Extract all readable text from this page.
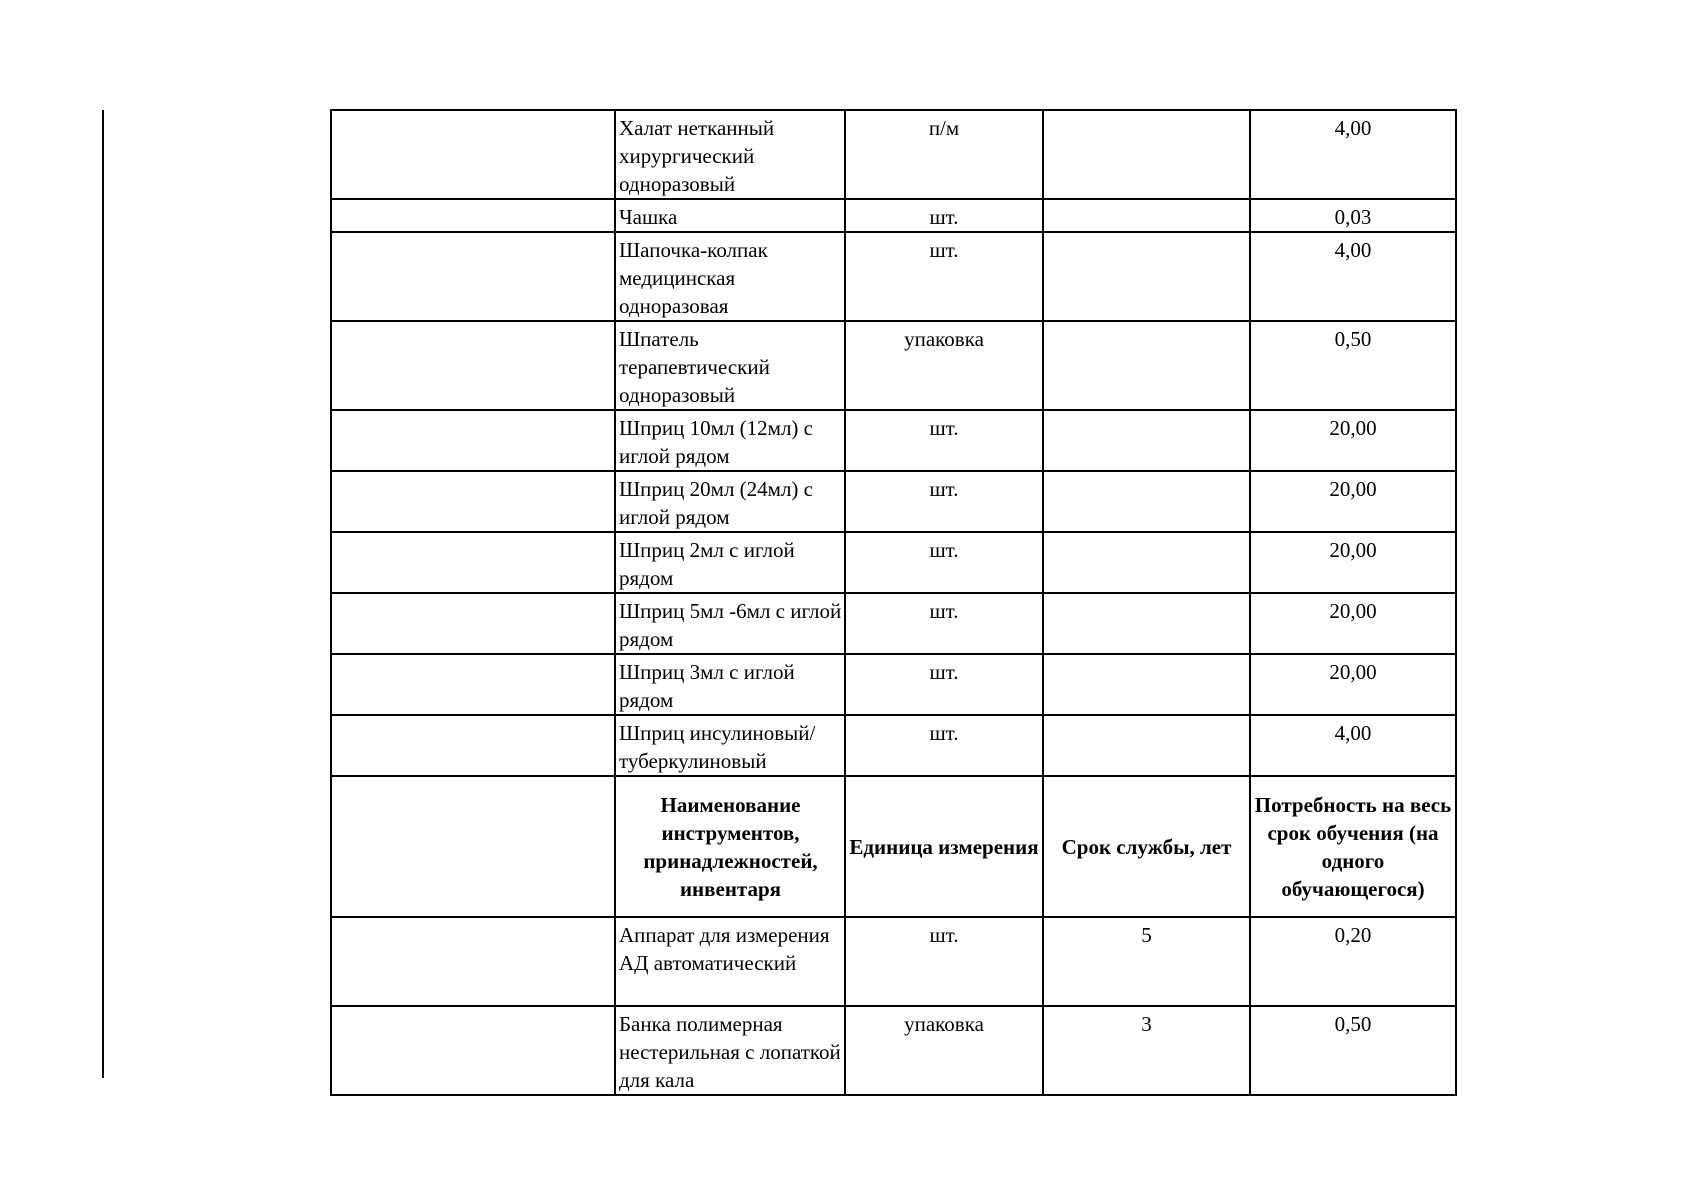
	Халат нетканный хирургический одноразовый	п/м		4,00
	Чашка	шт.		0,03
	Шапочка-колпак медицинская одноразовая	шт.		4,00
	Шпатель терапевтический одноразовый	упаковка		0,50
	Шприц 10мл (12мл) с иглой рядом	шт.		20,00
	Шприц 20мл (24мл) с иглой рядом	шт.		20,00
	Шприц 2мл с иглой рядом	шт.		20,00
	Шприц 5мл -6мл с иглой рядом	шт.		20,00
	Шприц 3мл с иглой рядом	шт.		20,00
	Шприц инсулиновый/ туберкулиновый	шт.		4,00
	Наименование инструментов, принадлежностей, инвентаря	Единица измерения	Срок службы, лет	Потребность на весь срок обучения (на одного обучающегося)
	Аппарат для измерения АД автоматический	шт.	5	0,20
	Банка полимерная нестерильная с лопаткой для кала	упаковка	3	0,50
